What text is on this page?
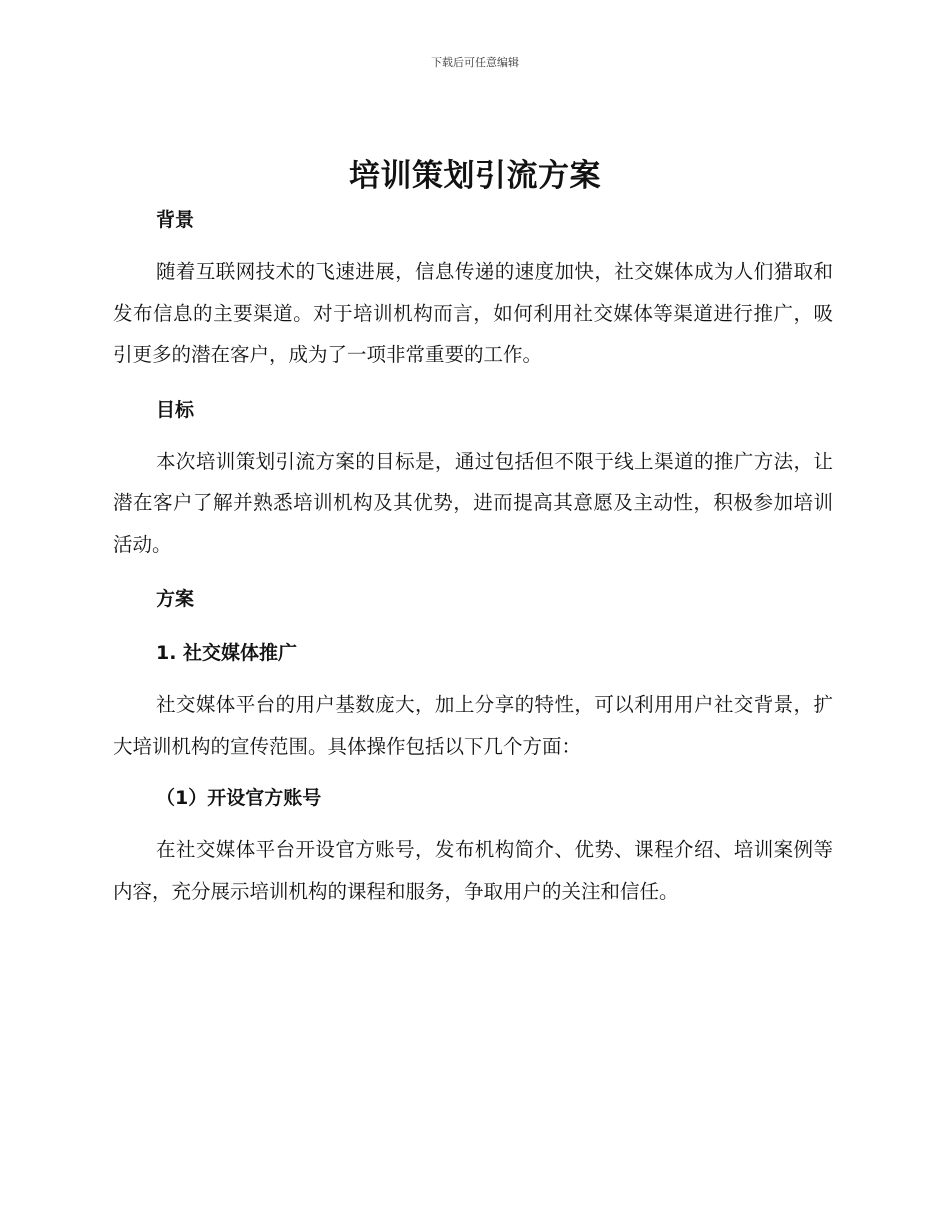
下载后可任意编辑
培训策划引流方案
背景

随着互联网技术的飞速进展，信息传递的速度加快，社交媒体成为人们猎取和发布信息的主要渠道。对于培训机构而言，如何利用社交媒体等渠道进行推广，吸引更多的潜在客户，成为了一项非常重要的工作。

目标

本次培训策划引流方案的目标是，通过包括但不限于线上渠道的推广方法，让潜在客户了解并熟悉培训机构及其优势，进而提高其意愿及主动性，积极参加培训活动。

方案
1. 社交媒体推广

社交媒体平台的用户基数庞大，加上分享的特性，可以利用用户社交背景，扩大培训机构的宣传范围。具体操作包括以下几个方面：

（1）开设官方账号

在社交媒体平台开设官方账号，发布机构简介、优势、课程介绍、培训案例等内容，充分展示培训机构的课程和服务，争取用户的关注和信任。
